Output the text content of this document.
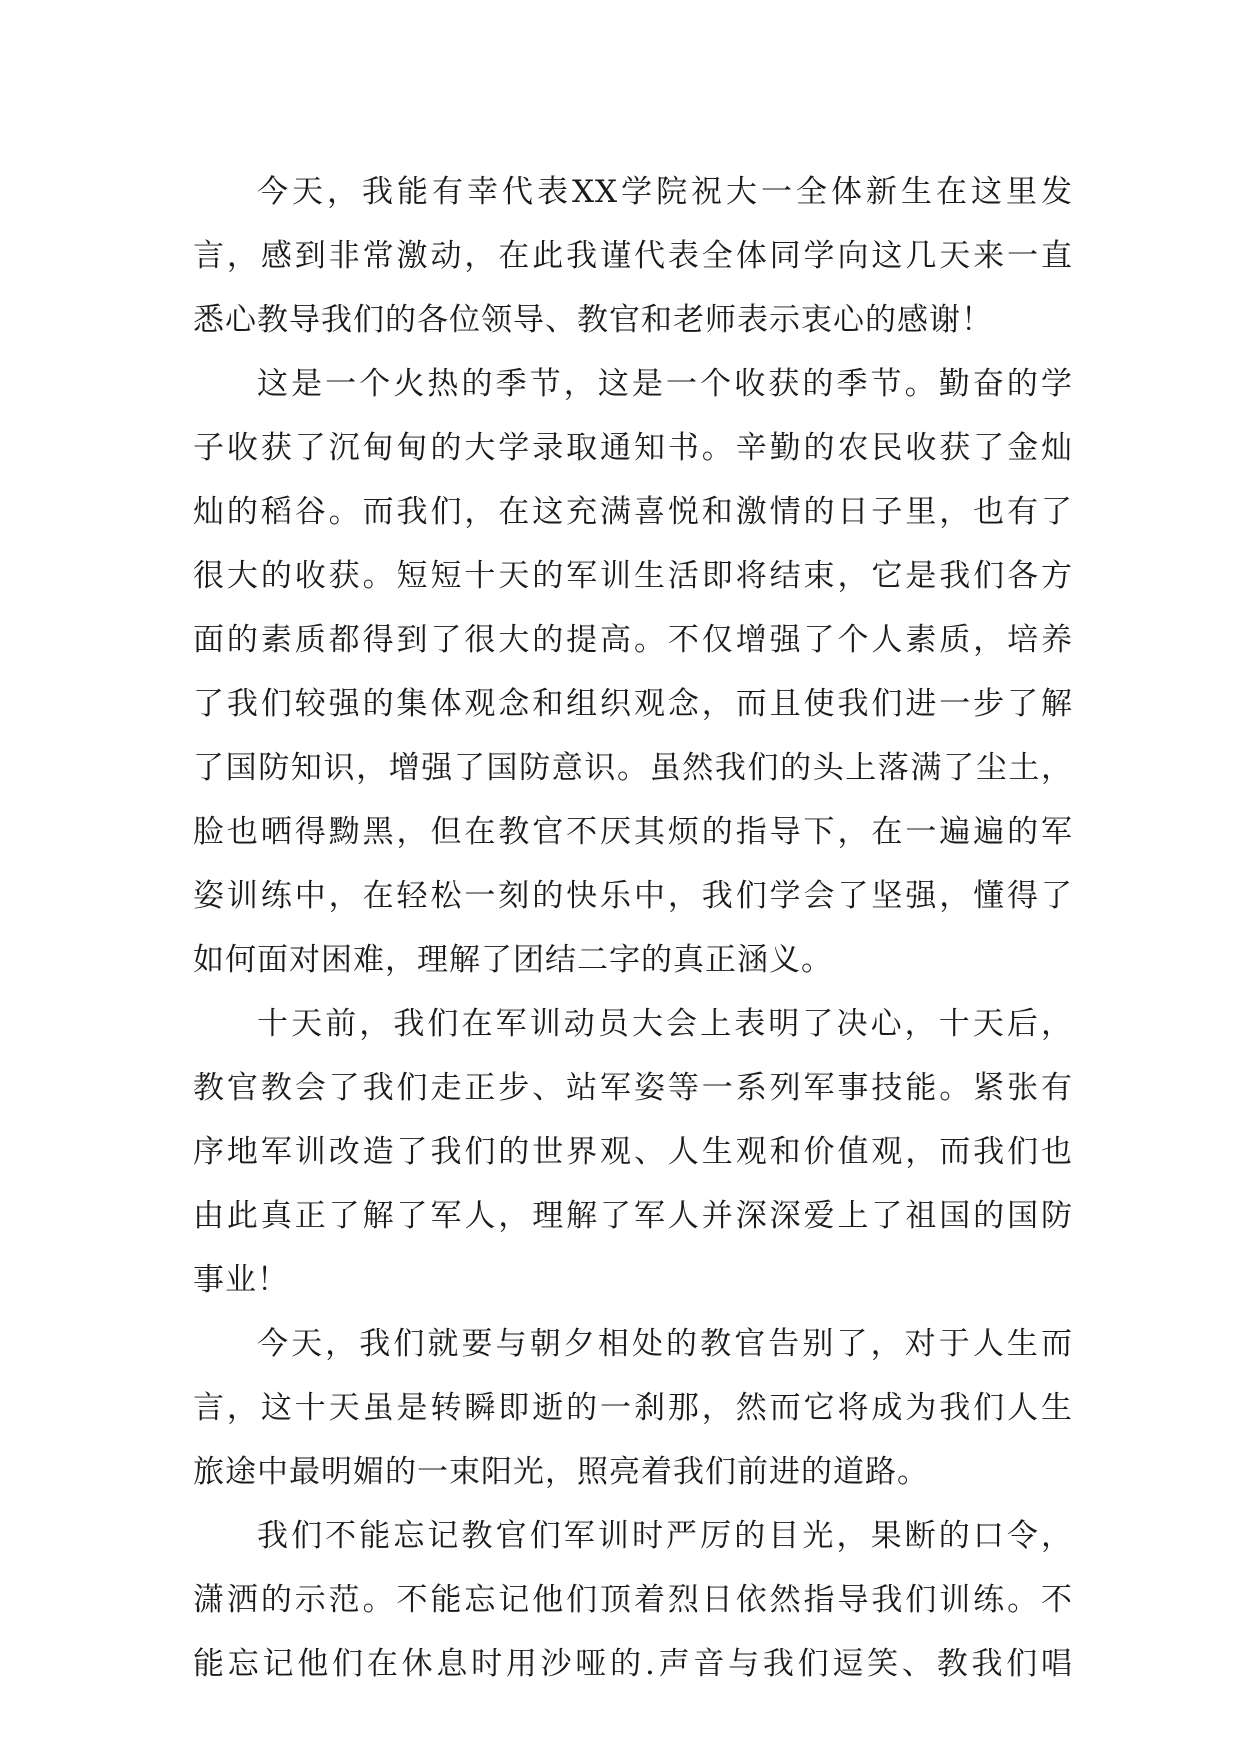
今天，我能有幸代表XX学院祝大一全体新生在这里发
言，感到非常激动，在此我谨代表全体同学向这几天来一直
悉心教导我们的各位领导、教官和老师表示衷心的感谢！
这是一个火热的季节，这是一个收获的季节。勤奋的学
子收获了沉甸甸的大学录取通知书。辛勤的农民收获了金灿
灿的稻谷。而我们，在这充满喜悦和激情的日子里，也有了
很大的收获。短短十天的军训生活即将结束，它是我们各方
面的素质都得到了很大的提高。不仅增强了个人素质，培养
了我们较强的集体观念和组织观念，而且使我们进一步了解
了国防知识，增强了国防意识。虽然我们的头上落满了尘土，
脸也晒得黝黑，但在教官不厌其烦的指导下，在一遍遍的军
姿训练中，在轻松一刻的快乐中，我们学会了坚强，懂得了
如何面对困难，理解了团结二字的真正涵义。
十天前，我们在军训动员大会上表明了决心，十天后，
教官教会了我们走正步、站军姿等一系列军事技能。紧张有
序地军训改造了我们的世界观、人生观和价值观，而我们也
由此真正了解了军人，理解了军人并深深爱上了祖国的国防
事业！
今天，我们就要与朝夕相处的教官告别了，对于人生而
言，这十天虽是转瞬即逝的一刹那，然而它将成为我们人生
旅途中最明媚的一束阳光，照亮着我们前进的道路。
我们不能忘记教官们军训时严厉的目光，果断的口令，
潇洒的示范。不能忘记他们顶着烈日依然指导我们训练。不
能忘记他们在休息时用沙哑的.声音与我们逗笑、教我们唱
